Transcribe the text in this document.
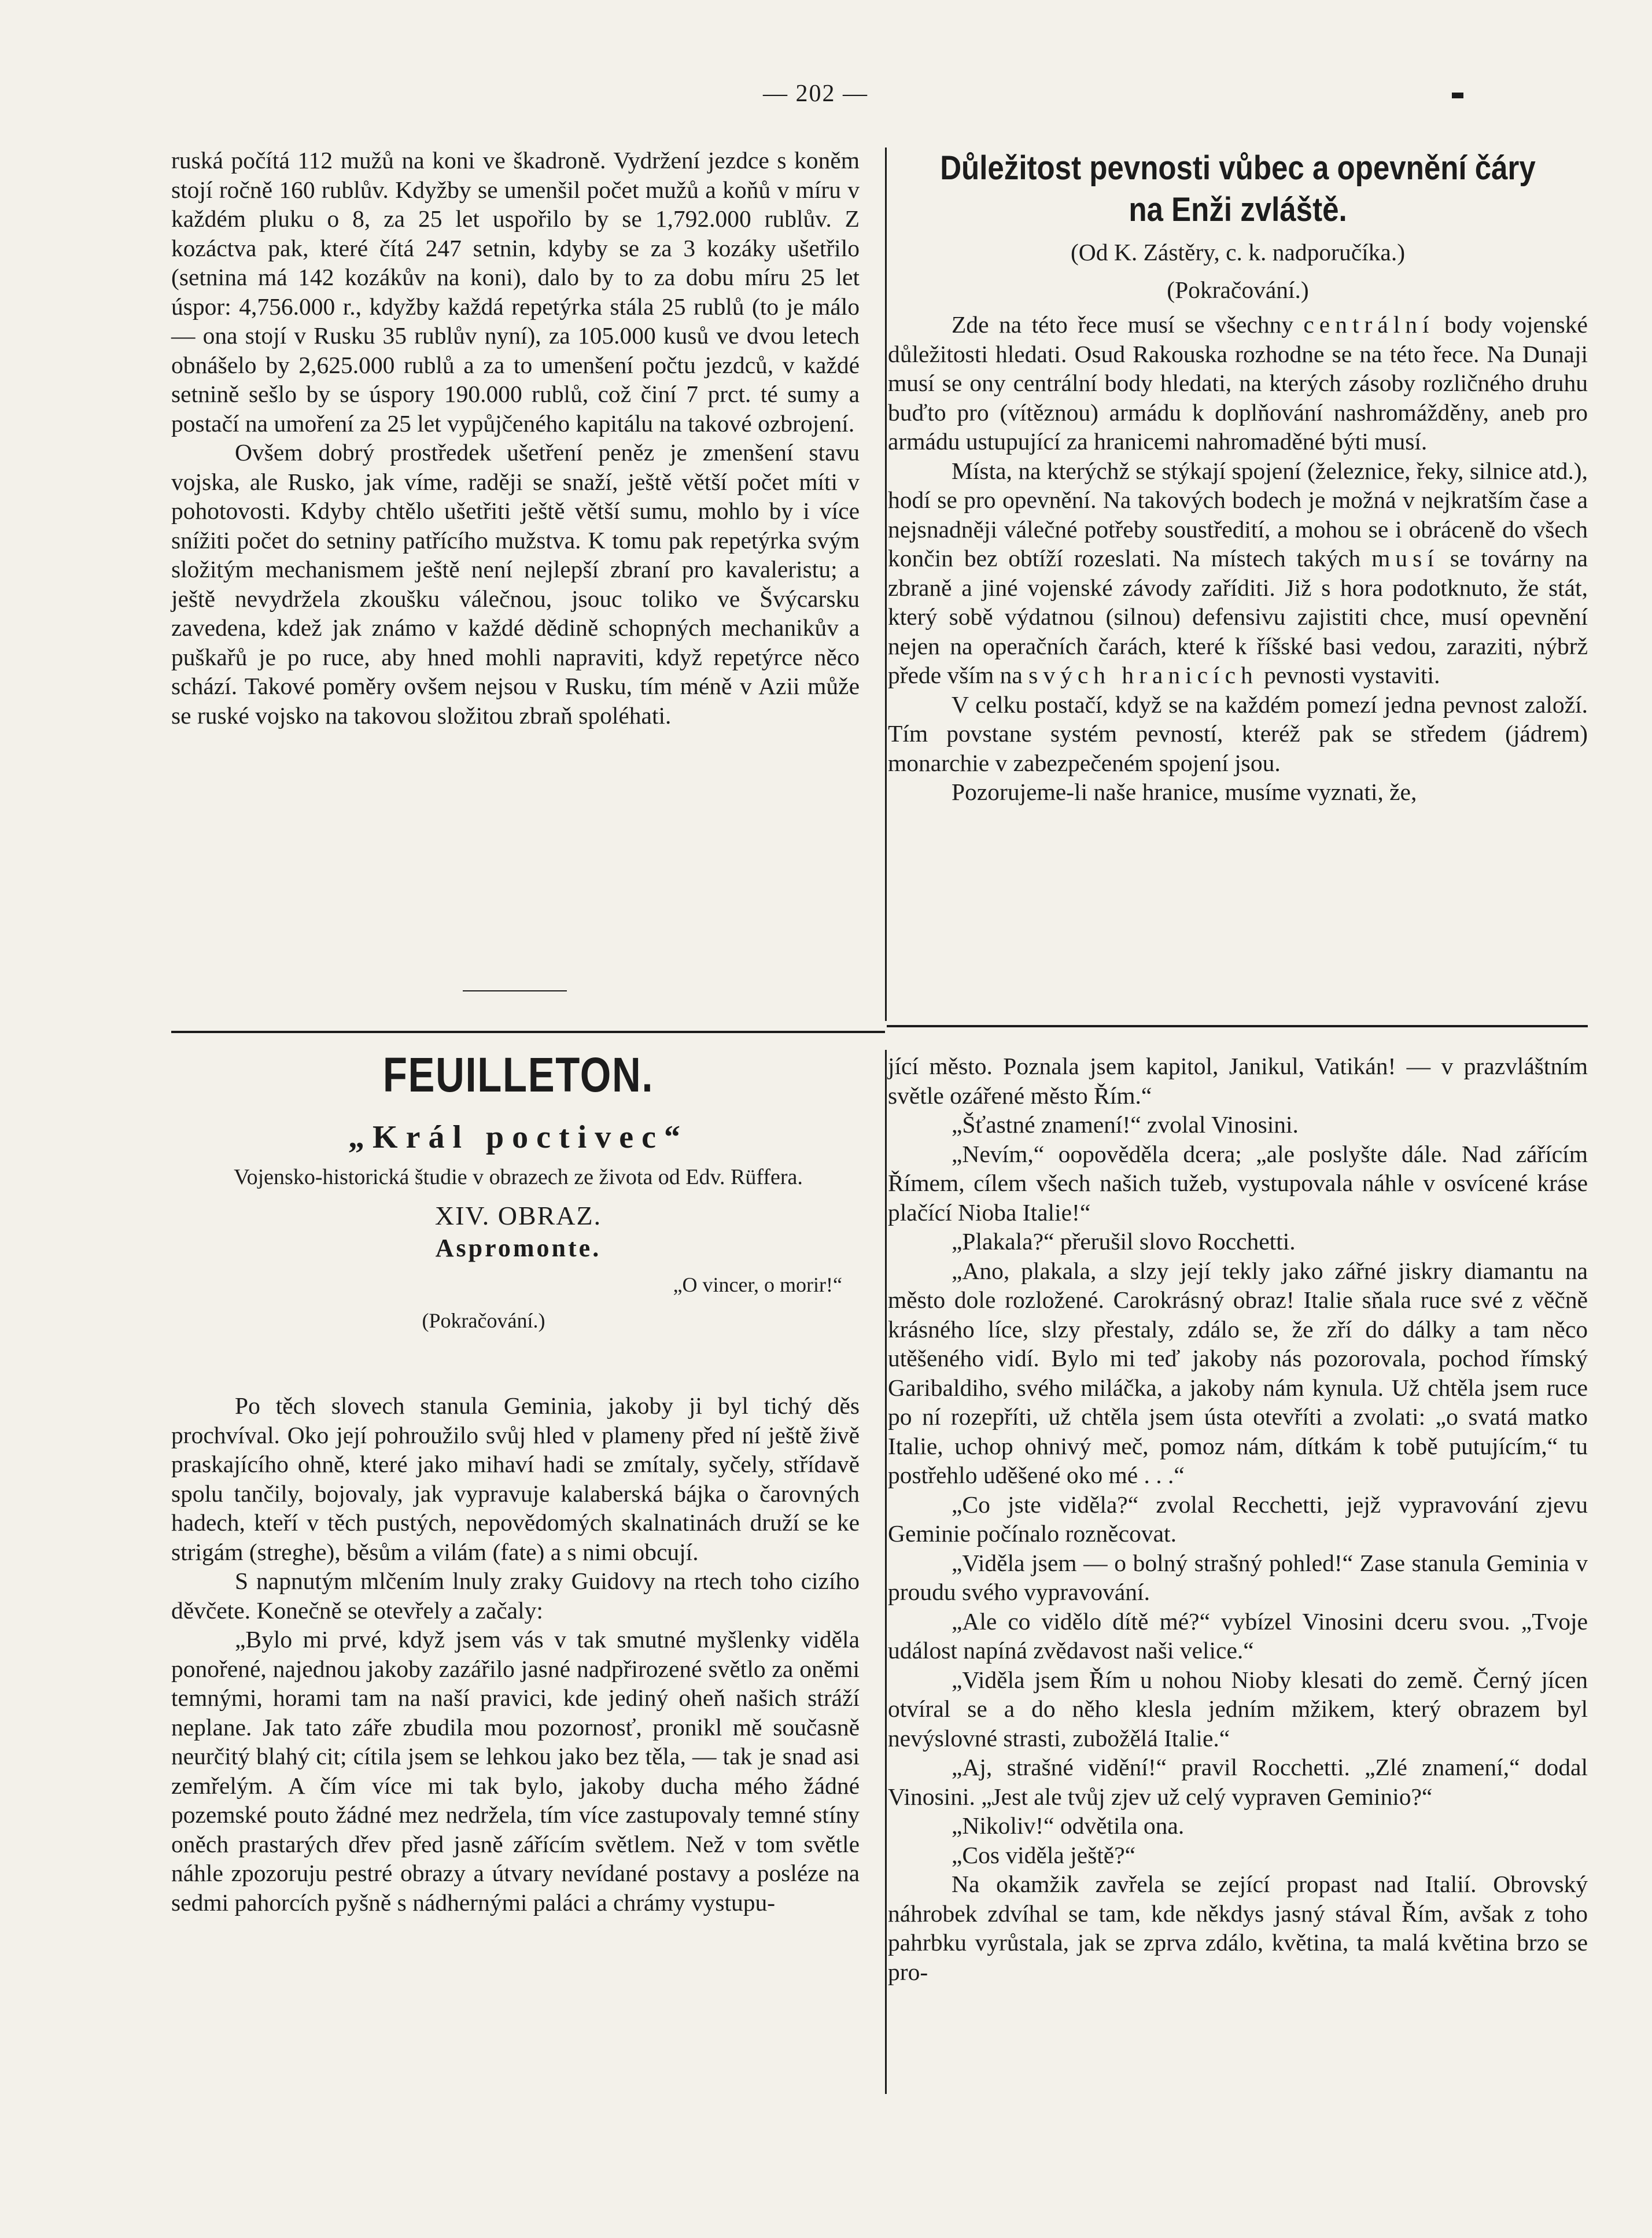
— 202 —

ruská počítá 112 mužů na koni ve škadroně. Vydržení jezdce s koněm stojí ročně 160 rublův. Kdyžby se umenšil počet mužů a koňů v míru v každém pluku o 8, za 25 let uspořilo by se 1,792.000 rublův. Z kozáctva pak, které čítá 247 setnin, kdyby se za 3 kozáky ušetřilo (setnina má 142 kozákův na koni), dalo by to za dobu míru 25 let úspor: 4,756.000 r., kdyžby každá repetýrka stála 25 rublů (to je málo — ona stojí v Rusku 35 rublův nyní), za 105.000 kusů ve dvou letech obnášelo by 2,625.000 rublů a za to umenšení počtu jezdců, v každé setnině sešlo by se úspory 190.000 rublů, což činí 7 prct. té sumy a postačí na umoření za 25 let vypůjčeného kapitálu na takové ozbrojení.

Ovšem dobrý prostředek ušetření peněz je zmenšení stavu vojska, ale Rusko, jak víme, raději se snaží, ještě větší počet míti v pohotovosti. Kdyby chtělo ušetřiti ještě větší sumu, mohlo by i více snížiti počet do setniny patřícího mužstva. K tomu pak repetýrka svým složitým mechanismem ještě není nejlepší zbraní pro kavaleristu; a ještě nevydržela zkoušku válečnou, jsouc toliko ve Švýcarsku zavedena, kdež jak známo v každé dědině schopných mechanikův a puškařů je po ruce, aby hned mohli napraviti, když repetýrce něco schází. Takové poměry ovšem nejsou v Rusku, tím méně v Azii může se ruské vojsko na takovou složitou zbraň spoléhati.

Důležitost pevnosti vůbec a opevnění čáry na Enži zvláště.
(Od K. Zástěry, c. k. nadporučíka.)
(Pokračování.)

Zde na této řece musí se všechny centrální body vojenské důležitosti hledati. Osud Rakouska rozhodne se na této řece. Na Dunaji musí se ony centrální body hledati, na kterých zásoby rozličného druhu buďto pro (vítěznou) armádu k doplňování nashromážděny, aneb pro armádu ustupující za hranicemi nahromaděné býti musí.

Místa, na kterýchž se stýkají spojení (železnice, řeky, silnice atd.), hodí se pro opevnění. Na takových bodech je možná v nejkratším čase a nejsnadněji válečné potřeby soustředití, a mohou se i obráceně do všech končin bez obtíží rozeslati. Na místech takých musí se továrny na zbraně a jiné vojenské závody zaříditi. Již s hora podotknuto, že stát, který sobě výdatnou (silnou) defensivu zajistiti chce, musí opevnění nejen na operačních čarách, které k říšské basi vedou, zaraziti, nýbrž přede vším na svých hranicích pevnosti vystaviti.

V celku postačí, když se na každém pomezí jedna pevnost založí. Tím povstane systém pevností, kteréž pak se středem (jádrem) monarchie v zabezpečeném spojení jsou.

Pozorujeme-li naše hranice, musíme vyznati, že,

FEUILLETON.
„Král poctivec“
Vojensko-historická študie v obrazech ze života od Edv. Rüffera.
XIV. OBRAZ.
Aspromonte.
„O vincer, o morir!“
(Pokračování.)

Po těch slovech stanula Geminia, jakoby ji byl tichý děs prochvíval. Oko její pohroužilo svůj hled v plameny před ní ještě živě praskajícího ohně, které jako mihaví hadi se zmítaly, syčely, střídavě spolu tančily, bojovaly, jak vypravuje kalaberská bájka o čarovných hadech, kteří v těch pustých, nepovědomých skalnatinách druží se ke strigám (streghe), běsům a vilám (fate) a s nimi obcují.

S napnutým mlčením lnuly zraky Guidovy na rtech toho cizího děvčete. Konečně se otevřely a začaly:

„Bylo mi prvé, když jsem vás v tak smutné myšlenky viděla ponořené, najednou jakoby zazářilo jasné nadpřirozené světlo za oněmi temnými, horami tam na naší pravici, kde jediný oheň našich stráží neplane. Jak tato záře zbudila mou pozornosť, pronikl mě současně neurčitý blahý cit; cítila jsem se lehkou jako bez těla, — tak je snad asi zemřelým. A čím více mi tak bylo, jakoby ducha mého žádné pozemské pouto žádné mez nedržela, tím více zastupovaly temné stíny oněch prastarých dřev před jasně zářícím světlem. Než v tom světle náhle zpozoruju pestré obrazy a útvary nevídané postavy a posléze na sedmi pahorcích pyšně s nádhernými paláci a chrámy vystupu-

jící město. Poznala jsem kapitol, Janikul, Vatikán! — v prazvláštním světle ozářené město Řím.“

„Šťastné znamení!“ zvolal Vinosini.

„Nevím,“ oopověděla dcera; „ale poslyšte dále. Nad zářícím Římem, cílem všech našich tužeb, vystupovala náhle v osvícené kráse plačící Nioba Italie!“

„Plakala?“ přerušil slovo Rocchetti.

„Ano, plakala, a slzy její tekly jako zářné jiskry diamantu na město dole rozložené. Carokrásný obraz! Italie sňala ruce své z věčně krásného líce, slzy přestaly, zdálo se, že zří do dálky a tam něco utěšeného vidí. Bylo mi teď jakoby nás pozorovala, pochod římský Garibaldiho, svého miláčka, a jakoby nám kynula. Už chtěla jsem ruce po ní rozepříti, už chtěla jsem ústa otevříti a zvolati: „o svatá matko Italie, uchop ohnivý meč, pomoz nám, dítkám k tobě putujícím,“ tu postřehlo uděšené oko mé . . .“

„Co jste viděla?“ zvolal Recchetti, jejž vypravování zjevu Geminie počínalo rozněcovat.

„Viděla jsem — o bolný strašný pohled!“ Zase stanula Geminia v proudu svého vypravování.

„Ale co vidělo dítě mé?“ vybízel Vinosini dceru svou. „Tvoje událost napíná zvědavost naši velice.“

„Viděla jsem Řím u nohou Nioby klesati do země. Černý jícen otvíral se a do něho klesla jedním mžikem, který obrazem byl nevýslovné strasti, zubožělá Italie.“

„Aj, strašné vidění!“ pravil Rocchetti. „Zlé znamení,“ dodal Vinosini. „Jest ale tvůj zjev už celý vypraven Geminio?“

„Nikoliv!“ odvětila ona.

„Cos viděla ještě?“

Na okamžik zavřela se zející propast nad Italií. Obrovský náhrobek zdvíhal se tam, kde někdys jasný stával Řím, avšak z toho pahrbku vyrůstala, jak se zprva zdálo, květina, ta malá květina brzo se pro-
